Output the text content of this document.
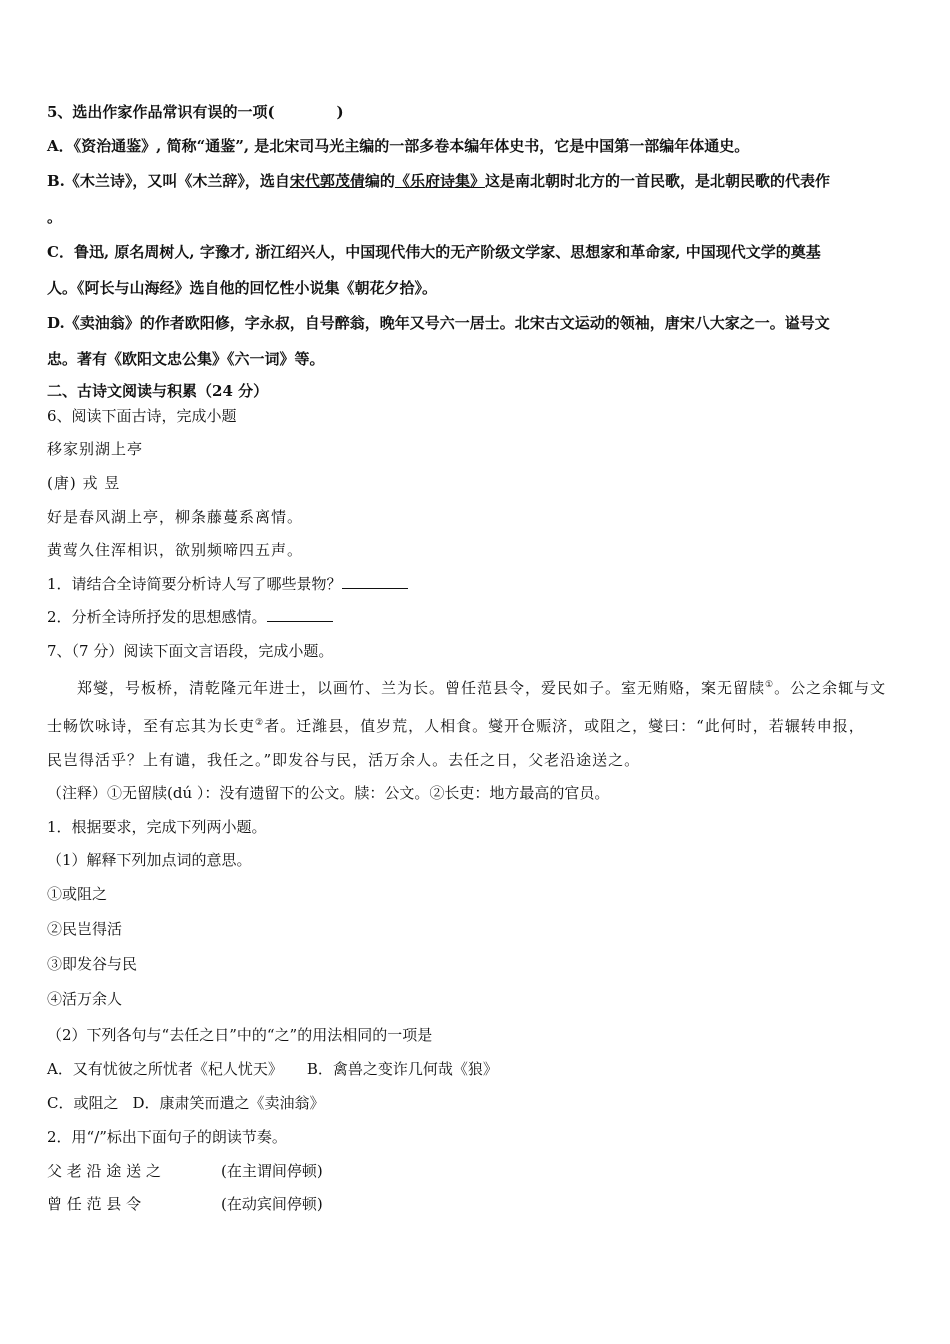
5、选出作家作品常识有误的一项(	)
A．《资治通鉴》, 简称“通鉴”, 是北宋司马光主编的一部多卷本编年体史书，它是中国第一部编年体通史。
B.《木兰诗》，又叫《木兰辞》，选自宋代郭茂倩编的《乐府诗集》这是南北朝时北方的一首民歌，是北朝民歌的代表作
。
C．鲁迅, 原名周树人, 字豫才, 浙江绍兴人，中国现代伟大的无产阶级文学家、思想家和革命家, 中国现代文学的奠基
人。《阿长与山海经》选自他的回忆性小说集《朝花夕拾》。
D.《卖油翁》的作者欧阳修，字永叔，自号醉翁，晚年又号六一居士。北宋古文运动的领袖，唐宋八大家之一。谥号文
忠。著有《欧阳文忠公集》《六一词》等。
二、古诗文阅读与积累（24 分）
6、阅读下面古诗，完成小题
移家别湖上亭
(唐) 戎 昱
好是春风湖上亭，柳条藤蔓系离情。
黄莺久住浑相识，欲别频啼四五声。
1．请结合全诗简要分析诗人写了哪些景物？
2．分析全诗所抒发的思想感情。
7、（7 分）阅读下面文言语段，完成小题。
郑燮，号板桥，清乾隆元年进士，以画竹、兰为长。曾任范县令，爱民如子。室无贿赂，案无留牍①。公之余辄与文
士畅饮咏诗，至有忘其为长吏②者。迁潍县，值岁荒，人相食。燮开仓赈济，或阻之，燮曰：“此何时，若辗转申报，
民岂得活乎？上有谴，我任之。”即发谷与民，活万余人。去任之日，父老沿途送之。
（注释）①无留牍(dú ）：没有遗留下的公文。牍：公文。②长吏：地方最高的官员。
1．根据要求，完成下列两小题。
（1）解释下列加点词的意思。
①或阻之
②民岂得活
③即发谷与民
④活万余人
（2）下列各句与“去任之日”中的“之”的用法相同的一项是
A．又有忧彼之所忧者《杞人忧天》 B．禽兽之变诈几何哉《狼》
C．或阻之 D．康肃笑而遣之《卖油翁》
2．用“/”标出下面句子的朗读节奏。
父 老 沿 途 送 之	(在主谓间停顿)
曾 任 范 县 令	(在动宾间停顿)
